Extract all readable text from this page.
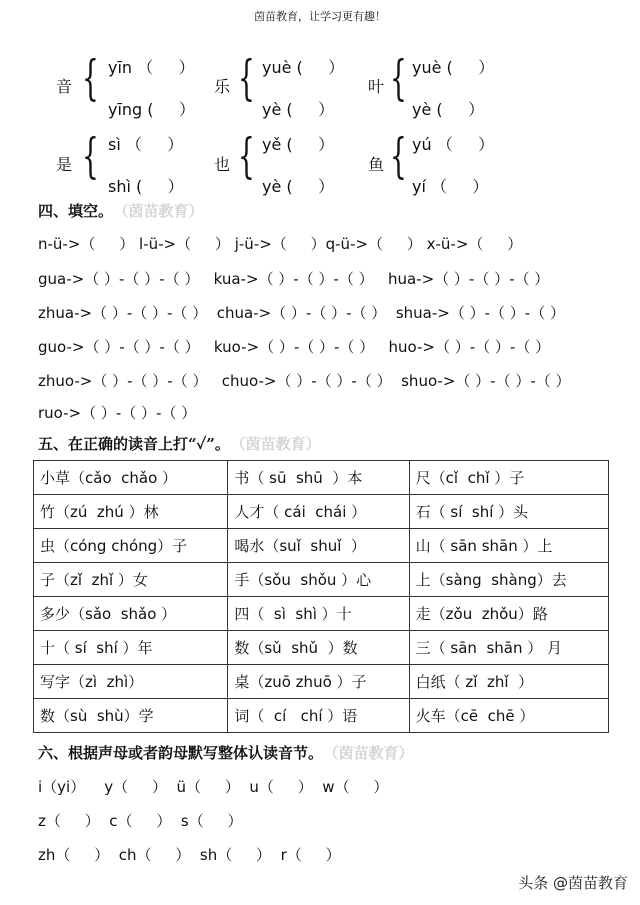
茵苗教育，让学习更有趣！
音 { yīn （     ）
yīng (     ）
乐 { yuè (     ）
yè (     ）
叶 { yuè (     ）
yè (     ）
是 { sì （     ）
shì (     ）
也 { yě (     ）
yè (     ）
鱼 { yú （     ）
yí （     ）
四、填空。 （茵苗教育）
n-ü->（     ） l-ü->（     ） j-ü->（     ）q-ü->（     ） x-ü->（     ）
gua->（ ）-（ ）-（ ）   kua->（ ）-（ ）-（ ）   hua->（ ）-（ ）-（ ）
zhua->（ ）-（ ）-（ ）  chua->（ ）-（ ）-（ ）  shua->（ ）-（ ）-（ ）
guo->（ ）-（ ）-（ ）   kuo->（ ）-（ ）-（ ）   huo->（ ）-（ ）-（ ）
zhuo->（ ）-（ ）-（ ）   chuo->（ ）-（ ）-（ ）  shuo->（ ）-（ ）-（ ）
ruo->（ ）-（ ）-（ ）
五、在正确的读音上打“✓”。 （茵苗教育）
小草（cǎo  chǎo ）	书（ sū  shū  ）本	尺（cǐ  chǐ ）子
竹（zú  zhú ）林	人才（ cái  chái ）	石（ sí  shí ）头
虫（cóng chóng）子	喝水（suǐ  shuǐ  ）	山（ sān shān ）上
子（zǐ  zhǐ ）女	手（sǒu  shǒu ）心	上（sàng  shàng）去
多少（sǎo  shǎo ）	四（  sì  shì ）十	走（zǒu  zhǒu）路
十（ sí  shí ）年	数（sǔ  shǔ  ）数	三（ sān  shān ） 月
写字（zì  zhì）	桌（zuō zhuō ）子	白纸（ zǐ  zhǐ  ）
数（sù  shù）学	词（  cí   chí ）语	火车（cē  chē ）
六、根据声母或者韵母默写整体认读音节。 （茵苗教育）
i（yi）    y（     ）  ü（     ）  u（     ）  w（     ）
z（     ）  c（     ）  s（     ）
zh（     ）  ch（     ）  sh（     ）  r（     ）
头条 @茵苗教育
